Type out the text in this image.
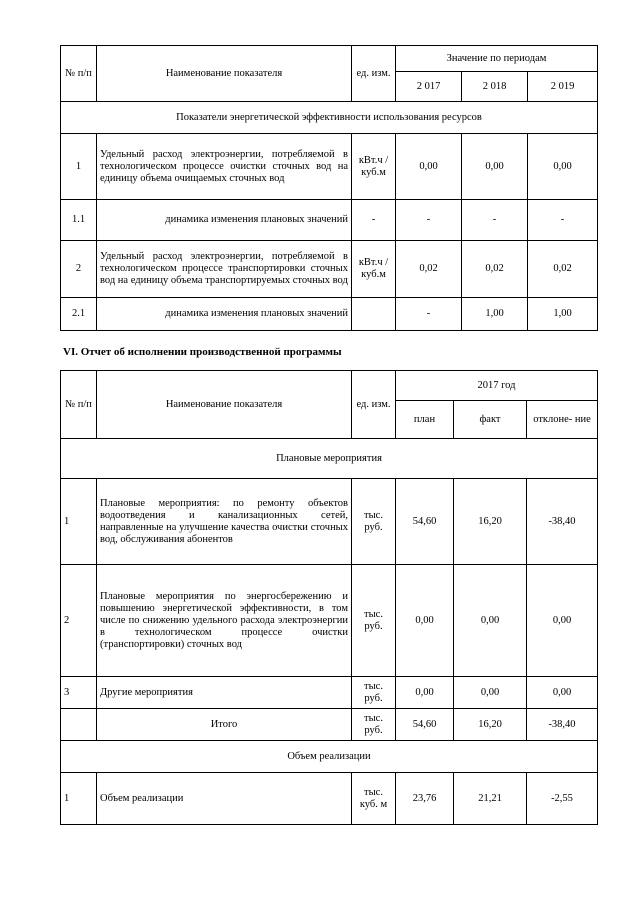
№ п/п	Наименование показателя	ед. изм.	Значение по периодам		
			2 017	2 018	2 019
Показатели энергетической эффективности использования ресурсов					
1	Удельный расход электроэнергии, потребляемой в технологическом процессе очистки сточных вод на единицу объема очищаемых сточных вод	кВт.ч / куб.м	0,00	0,00	0,00
1.1	динамика изменения плановых значений	-	-	-	-
2	Удельный расход электроэнергии, потребляемой в технологическом процессе транспортировки сточных вод на единицу объема транспортируемых сточных вод	кВт.ч / куб.м	0,02	0,02	0,02
2.1	динамика изменения плановых значений		-	1,00	1,00
VI. Отчет об исполнении производственной программы
№ п/п	Наименование показателя	ед. изм.	2017 год		
			план	факт	отклоне- ние
Плановые мероприятия					
1	Плановые мероприятия: по ремонту объектов водоотведения и канализационных сетей, направленные на улучшение качества очистки сточных вод, обслуживания абонентов	тыс. руб.	54,60	16,20	-38,40
2	Плановые мероприятия по энергосбережению и повышению энергетической эффективности, в том числе по снижению удельного расхода электроэнергии в технологическом процессе очистки (транспортировки) сточных вод	тыс. руб.	0,00	0,00	0,00
3	Другие мероприятия	тыс. руб.	0,00	0,00	0,00
	Итого	тыс. руб.	54,60	16,20	-38,40
Объем реализации					
1	Объем реализации	тыс. куб. м	23,76	21,21	-2,55
